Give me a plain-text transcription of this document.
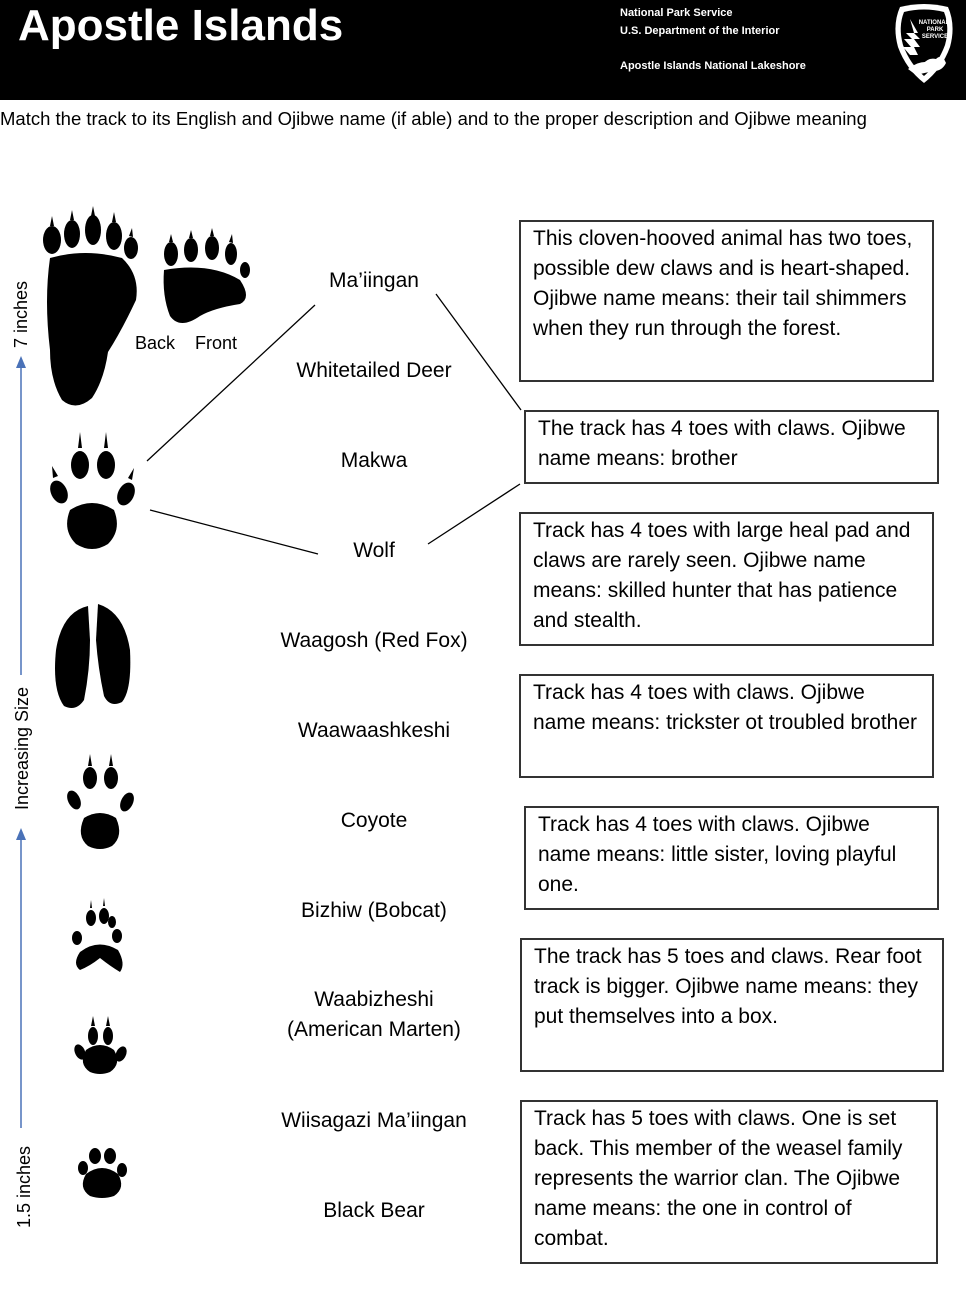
Apostle Islands	National Park Service
U.S. Department of the Interior
Apostle Islands National Lakeshore
NATIONAL
PARK
SERVICE
Match the track to its English and Ojibwe name (if able) and to the proper description and Ojibwe meaning
7 inches
Increasing Size
1.5 inches
Back Front
Ma’iingan
Whitetailed Deer
Makwa
Wolf
Waagosh (Red Fox)
Waawaashkeshi
Coyote
Bizhiw (Bobcat)
Waabizheshi
(American Marten)
Wiisagazi Ma’iingan
Black Bear
This cloven-hooved animal has two toes, possible dew claws and is heart-shaped. Ojibwe name means: their tail shimmers when they run through the forest.
The track has 4 toes with claws. Ojibwe name means: brother
Track has 4 toes with large heal pad and claws are rarely seen. Ojibwe name means: skilled hunter that has patience and stealth.
Track has 4 toes with claws. Ojibwe name means: trickster ot troubled brother
Track has 4 toes with claws. Ojibwe name means: little sister, loving playful one.
The track has 5 toes and claws. Rear foot track is bigger. Ojibwe name means: they put themselves into a box.
Track has 5 toes with claws. One is set back. This member of the weasel family represents the warrior clan. The Ojibwe name means: the one in control of combat.
